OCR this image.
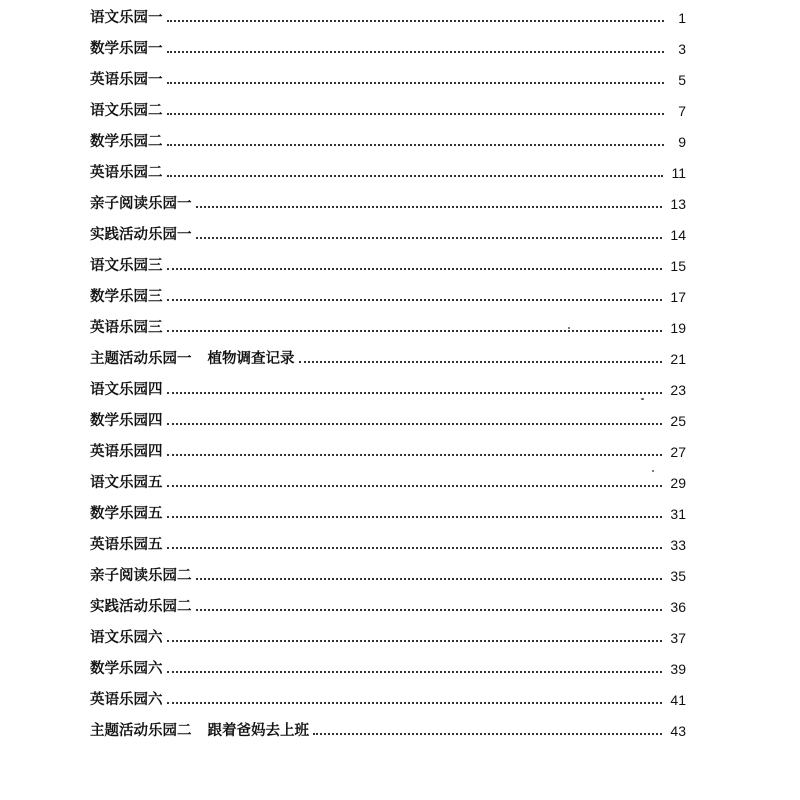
语文乐园一	1
数学乐园一	3
英语乐园一	5
语文乐园二	7
数学乐园二	9
英语乐园二	11
亲子阅读乐园一	13
实践活动乐园一	14
语文乐园三	15
数学乐园三	17
英语乐园三	19
主题活动乐园一 植物调查记录	21
语文乐园四	23
数学乐园四	25
英语乐园四	27
语文乐园五	29
数学乐园五	31
英语乐园五	33
亲子阅读乐园二	35
实践活动乐园二	36
语文乐园六	37
数学乐园六	39
英语乐园六	41
主题活动乐园二 跟着爸妈去上班	43
